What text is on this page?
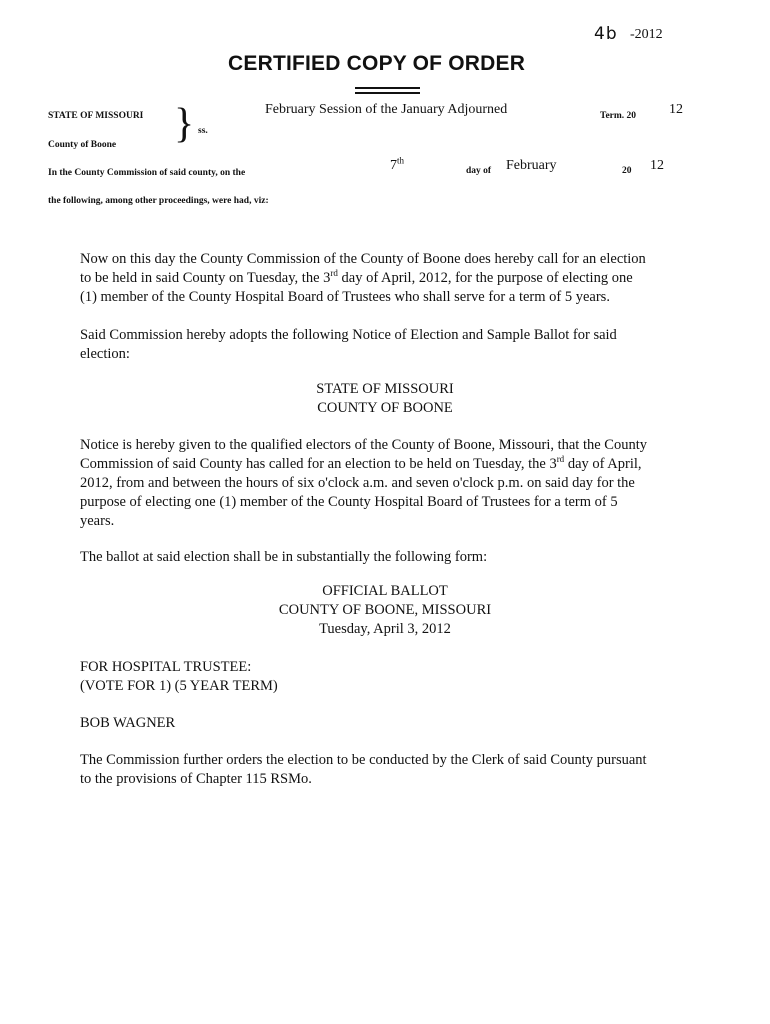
4b -2012
CERTIFIED COPY OF ORDER
STATE OF MISSOURI
County of Boone } ss.
February Session of the January Adjourned	Term. 20 12
In the County Commission of said county, on the	7th
day of February	20 12
the following, among other proceedings, were had, viz:
Now on this day the County Commission of the County of Boone does hereby call for an election
to be held in said County on Tuesday, the 3rd day of April, 2012, for the purpose of electing one
(1) member of the County Hospital Board of Trustees who shall serve for a term of 5 years.
Said Commission hereby adopts the following Notice of Election and Sample Ballot for said
election:
STATE OF MISSOURI
COUNTY OF BOONE
Notice is hereby given to the qualified electors of the County of Boone, Missouri, that the County
Commission of said County has called for an election to be held on Tuesday, the 3rd day of April,
2012, from and between the hours of six o'clock a.m. and seven o'clock p.m. on said day for the
purpose of electing one (1) member of the County Hospital Board of Trustees for a term of 5
years.
The ballot at said election shall be in substantially the following form:
OFFICIAL BALLOT
COUNTY OF BOONE, MISSOURI
Tuesday, April 3, 2012
FOR HOSPITAL TRUSTEE:
(VOTE FOR 1) (5 YEAR TERM)
BOB WAGNER
The Commission further orders the election to be conducted by the Clerk of said County pursuant
to the provisions of Chapter 115 RSMo.
